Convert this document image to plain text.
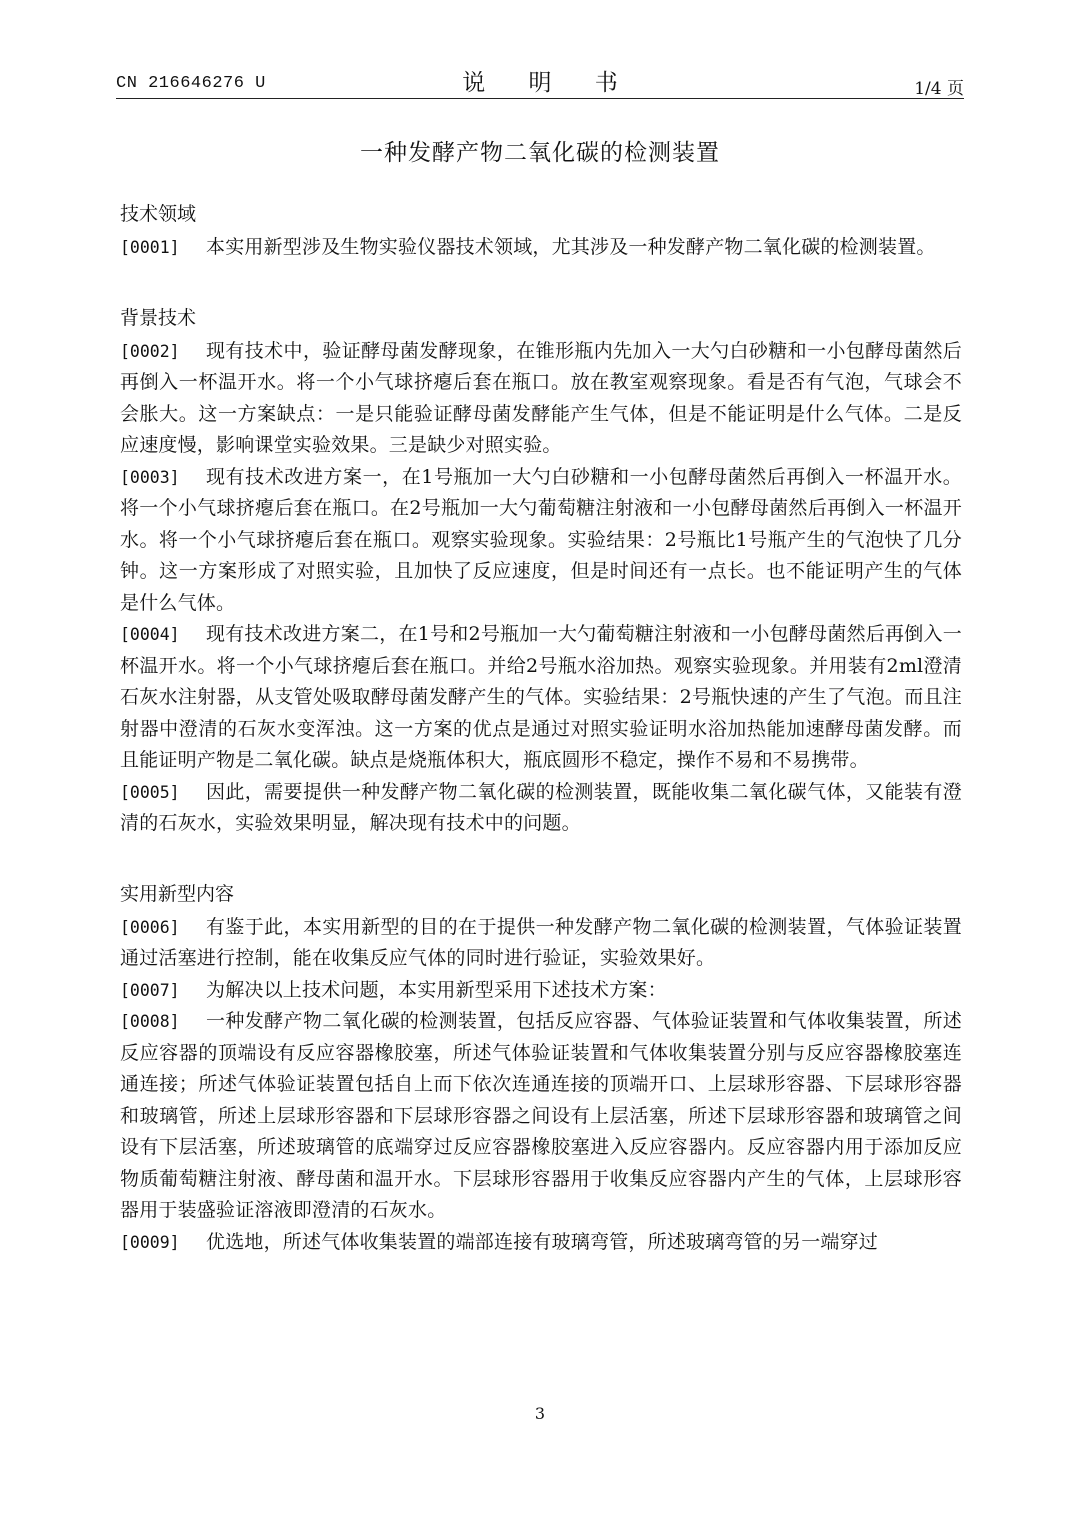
CN 216646276 U	说 明 书	1/4 页
一种发酵产物二氧化碳的检测装置
技术领域
[0001]	本实用新型涉及生物实验仪器技术领域，尤其涉及一种发酵产物二氧化碳的检测装置。

背景技术
[0002]	现有技术中，验证酵母菌发酵现象，在锥形瓶内先加入一大勺白砂糖和一小包酵母菌然后再倒入一杯温开水。将一个小气球挤瘪后套在瓶口。放在教室观察现象。看是否有气泡，气球会不会胀大。这一方案缺点：一是只能验证酵母菌发酵能产生气体，但是不能证明是什么气体。二是反应速度慢，影响课堂实验效果。三是缺少对照实验。

[0003]	现有技术改进方案一，在1号瓶加一大勺白砂糖和一小包酵母菌然后再倒入一杯温开水。将一个小气球挤瘪后套在瓶口。在2号瓶加一大勺葡萄糖注射液和一小包酵母菌然后再倒入一杯温开水。将一个小气球挤瘪后套在瓶口。观察实验现象。实验结果：2号瓶比1号瓶产生的气泡快了几分钟。这一方案形成了对照实验，且加快了反应速度，但是时间还有一点长。也不能证明产生的气体是什么气体。

[0004]	现有技术改进方案二，在1号和2号瓶加一大勺葡萄糖注射液和一小包酵母菌然后再倒入一杯温开水。将一个小气球挤瘪后套在瓶口。并给2号瓶水浴加热。观察实验现象。并用装有2ml澄清石灰水注射器，从支管处吸取酵母菌发酵产生的气体。实验结果：2号瓶快速的产生了气泡。而且注射器中澄清的石灰水变浑浊。这一方案的优点是通过对照实验证明水浴加热能加速酵母菌发酵。而且能证明产物是二氧化碳。缺点是烧瓶体积大，瓶底圆形不稳定，操作不易和不易携带。

[0005]	因此，需要提供一种发酵产物二氧化碳的检测装置，既能收集二氧化碳气体，又能装有澄清的石灰水，实验效果明显，解决现有技术中的问题。

实用新型内容
[0006]	有鉴于此，本实用新型的目的在于提供一种发酵产物二氧化碳的检测装置，气体验证装置通过活塞进行控制，能在收集反应气体的同时进行验证，实验效果好。

[0007]	为解决以上技术问题，本实用新型采用下述技术方案：

[0008]	一种发酵产物二氧化碳的检测装置，包括反应容器、气体验证装置和气体收集装置，所述反应容器的顶端设有反应容器橡胶塞，所述气体验证装置和气体收集装置分别与反应容器橡胶塞连通连接；所述气体验证装置包括自上而下依次连通连接的顶端开口、上层球形容器、下层球形容器和玻璃管，所述上层球形容器和下层球形容器之间设有上层活塞，所述下层球形容器和玻璃管之间设有下层活塞，所述玻璃管的底端穿过反应容器橡胶塞进入反应容器内。反应容器内用于添加反应物质葡萄糖注射液、酵母菌和温开水。下层球形容器用于收集反应容器内产生的气体，上层球形容器用于装盛验证溶液即澄清的石灰水。

[0009]	优选地，所述气体收集装置的端部连接有玻璃弯管，所述玻璃弯管的另一端穿过

3
